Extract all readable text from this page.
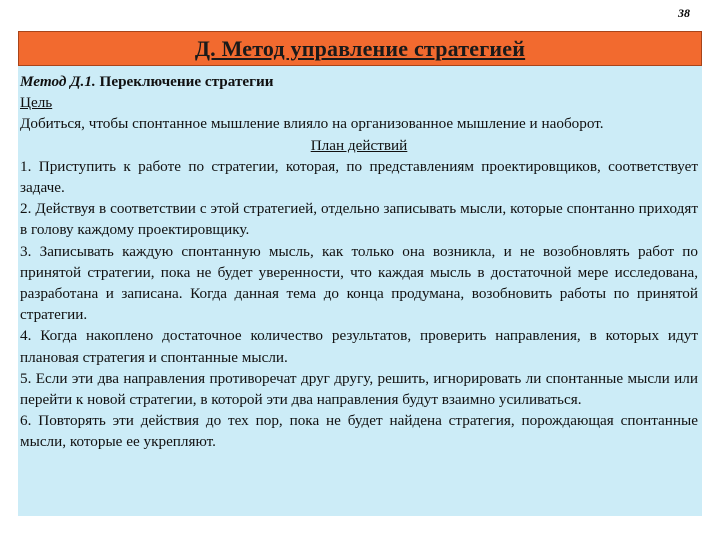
38
Д. Метод управление стратегией

Метод Д.1. Переключение стратегии

Цель

Добиться, чтобы спонтанное мышление влияло на организованное мышление и наоборот.

План действий

1. Приступить к работе по стратегии, которая, по представлениям проектировщиков, соответствует задаче.

2. Действуя в соответствии с этой стратегией, отдельно записывать мысли, которые спонтанно приходят в голову каждому проектировщику.

3. Записывать каждую спонтанную мысль, как только она возникла, и не возобновлять работ по принятой стратегии, пока не будет уверенности, что каждая мысль в достаточной мере исследована, разработана и записана. Когда данная тема до конца продумана, возобновить работы по принятой стратегии.

4. Когда накоплено достаточное количество результатов, проверить направления, в которых идут плановая стратегия и спонтанные мысли.

5. Если эти два направления противоречат друг другу, решить, игнорировать ли спонтанные мысли или перейти к новой стратегии, в которой эти два направления будут взаимно усиливаться.

6. Повторять эти действия до тех пор, пока не будет найдена стратегия, порождающая спонтанные мысли, которые ее укрепляют.
